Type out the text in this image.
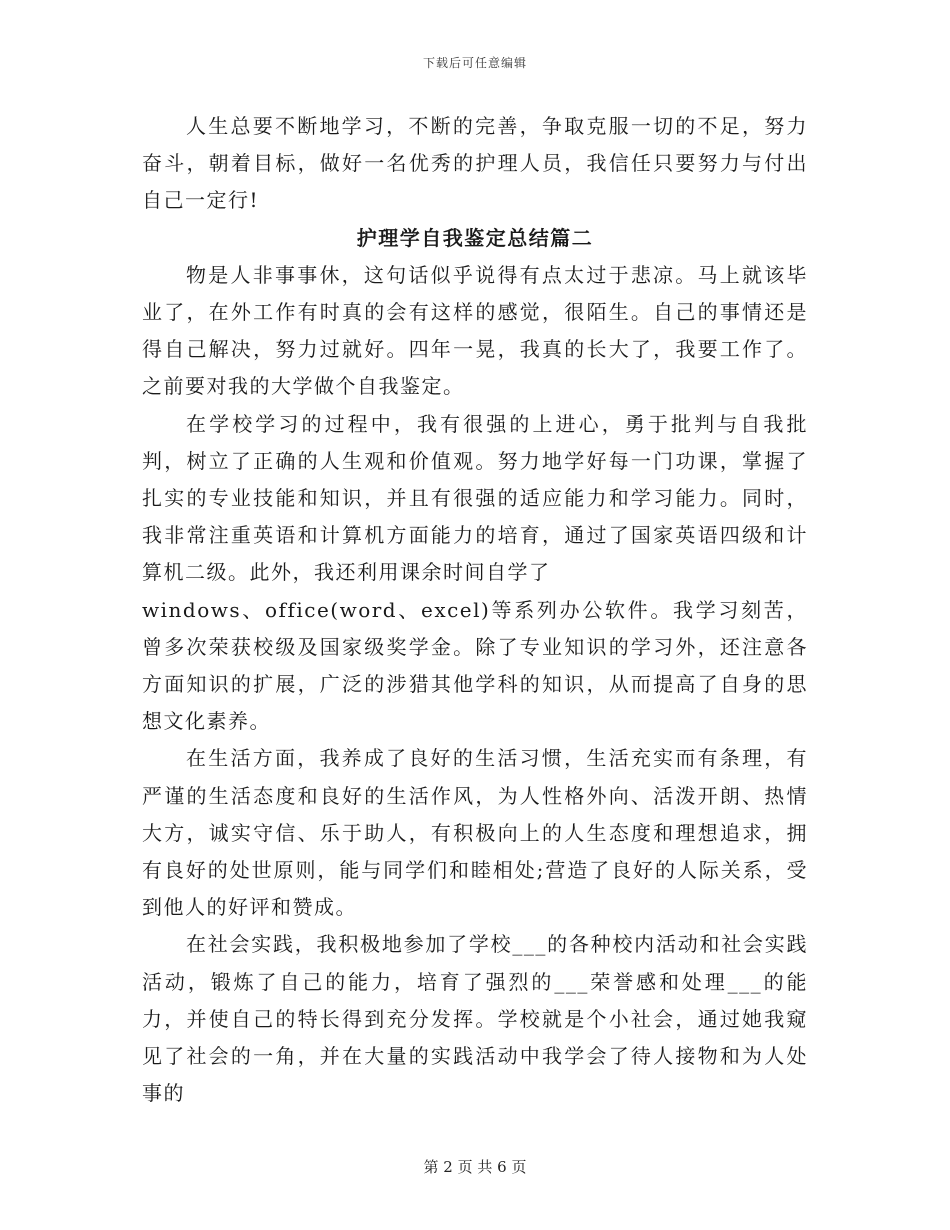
下载后可任意编辑

人生总要不断地学习，不断的完善，争取克服一切的不足，努力奋斗，朝着目标，做好一名优秀的护理人员，我信任只要努力与付出自己一定行!

护理学自我鉴定总结篇二

物是人非事事休，这句话似乎说得有点太过于悲凉。马上就该毕业了，在外工作有时真的会有这样的感觉，很陌生。自己的事情还是得自己解决，努力过就好。四年一晃，我真的长大了，我要工作了。之前要对我的大学做个自我鉴定。

在学校学习的过程中，我有很强的上进心，勇于批判与自我批判，树立了正确的人生观和价值观。努力地学好每一门功课，掌握了扎实的专业技能和知识，并且有很强的适应能力和学习能力。同时，我非常注重英语和计算机方面能力的培育，通过了国家英语四级和计算机二级。此外，我还利用课余时间自学了

windows、office(word、excel)等系列办公软件。我学习刻苦，曾多次荣获校级及国家级奖学金。除了专业知识的学习外，还注意各方面知识的扩展，广泛的涉猎其他学科的知识，从而提高了自身的思想文化素养。

在生活方面，我养成了良好的生活习惯，生活充实而有条理，有严谨的生活态度和良好的生活作风，为人性格外向、活泼开朗、热情大方，诚实守信、乐于助人，有积极向上的人生态度和理想追求，拥有良好的处世原则，能与同学们和睦相处;营造了良好的人际关系，受到他人的好评和赞成。

在社会实践，我积极地参加了学校___的各种校内活动和社会实践活动，锻炼了自己的能力，培育了强烈的___荣誉感和处理___的能力，并使自己的特长得到充分发挥。学校就是个小社会，通过她我窥见了社会的一角，并在大量的实践活动中我学会了待人接物和为人处事的

第 2 页 共 6 页
